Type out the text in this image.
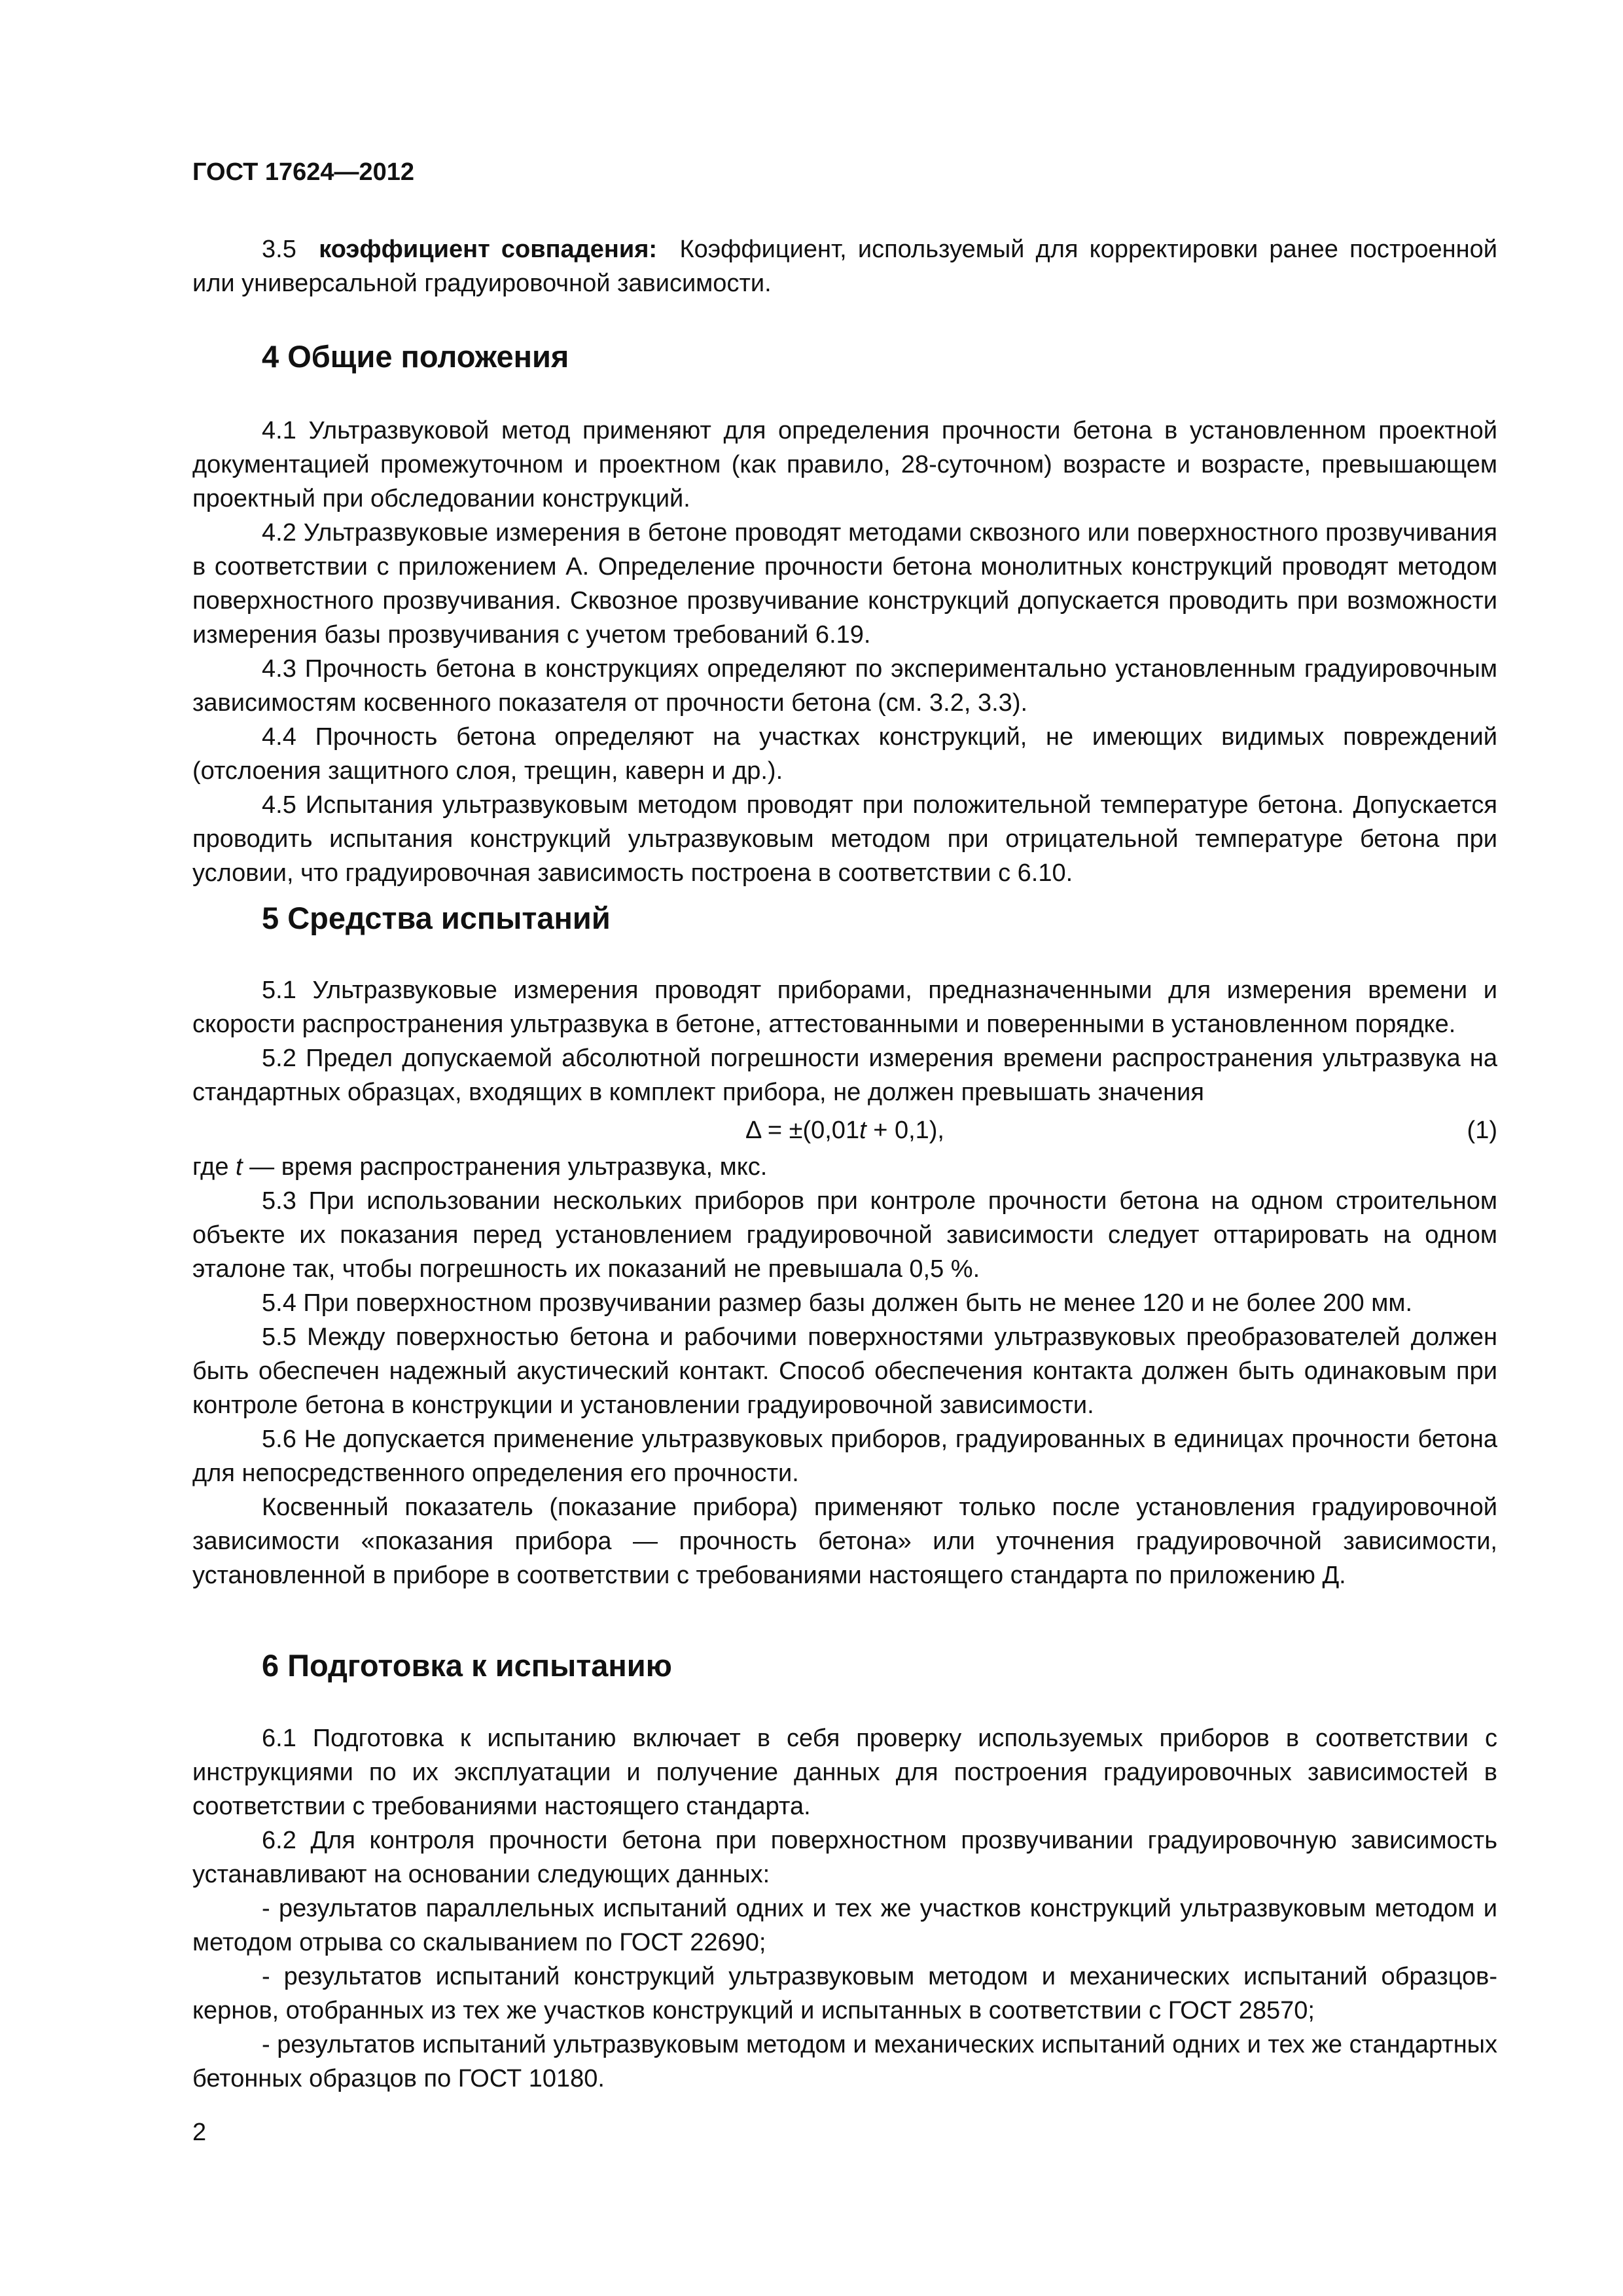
ГОСТ 17624—2012

3.5 коэффициент совпадения: Коэффициент, используемый для корректировки ранее построенной или универсальной градуировочной зависимости.

4 Общие положения

4.1 Ультразвуковой метод применяют для определения прочности бетона в установленном проектной документацией промежуточном и проектном (как правило, 28-суточном) возрасте и возрасте, превышающем проектный при обследовании конструкций.

4.2 Ультразвуковые измерения в бетоне проводят методами сквозного или поверхностного прозвучивания в соответствии с приложением А. Определение прочности бетона монолитных конструкций проводят методом поверхностного прозвучивания. Сквозное прозвучивание конструкций допускается проводить при возможности измерения базы прозвучивания с учетом требований 6.19.

4.3 Прочность бетона в конструкциях определяют по экспериментально установленным градуировочным зависимостям косвенного показателя от прочности бетона (см. 3.2, 3.3).

4.4 Прочность бетона определяют на участках конструкций, не имеющих видимых повреждений (отслоения защитного слоя, трещин, каверн и др.).

4.5 Испытания ультразвуковым методом проводят при положительной температуре бетона. Допускается проводить испытания конструкций ультразвуковым методом при отрицательной температуре бетона при условии, что градуировочная зависимость построена в соответствии с 6.10.

5 Средства испытаний

5.1 Ультразвуковые измерения проводят приборами, предназначенными для измерения времени и скорости распространения ультразвука в бетоне, аттестованными и поверенными в установленном порядке.

5.2 Предел допускаемой абсолютной погрешности измерения времени распространения ультразвука на стандартных образцах, входящих в комплект прибора, не должен превышать значения

Δ = ±(0,01t + 0,1),	(1)

где t — время распространения ультразвука, мкс.

5.3 При использовании нескольких приборов при контроле прочности бетона на одном строительном объекте их показания перед установлением градуировочной зависимости следует оттарировать на одном эталоне так, чтобы погрешность их показаний не превышала 0,5 %.

5.4 При поверхностном прозвучивании размер базы должен быть не менее 120 и не более 200 мм.

5.5 Между поверхностью бетона и рабочими поверхностями ультразвуковых преобразователей должен быть обеспечен надежный акустический контакт. Способ обеспечения контакта должен быть одинаковым при контроле бетона в конструкции и установлении градуировочной зависимости.

5.6 Не допускается применение ультразвуковых приборов, градуированных в единицах прочности бетона для непосредственного определения его прочности.

Косвенный показатель (показание прибора) применяют только после установления градуировочной зависимости «показания прибора — прочность бетона» или уточнения градуировочной зависимости, установленной в приборе в соответствии с требованиями настоящего стандарта по приложению Д.

6 Подготовка к испытанию

6.1 Подготовка к испытанию включает в себя проверку используемых приборов в соответствии с инструкциями по их эксплуатации и получение данных для построения градуировочных зависимостей в соответствии с требованиями настоящего стандарта.

6.2 Для контроля прочности бетона при поверхностном прозвучивании градуировочную зависимость устанавливают на основании следующих данных:

- результатов параллельных испытаний одних и тех же участков конструкций ультразвуковым методом и методом отрыва со скалыванием по ГОСТ 22690;

- результатов испытаний конструкций ультразвуковым методом и механических испытаний образцов-кернов, отобранных из тех же участков конструкций и испытанных в соответствии с ГОСТ 28570;

- результатов испытаний ультразвуковым методом и механических испытаний одних и тех же стандартных бетонных образцов по ГОСТ 10180.

2
